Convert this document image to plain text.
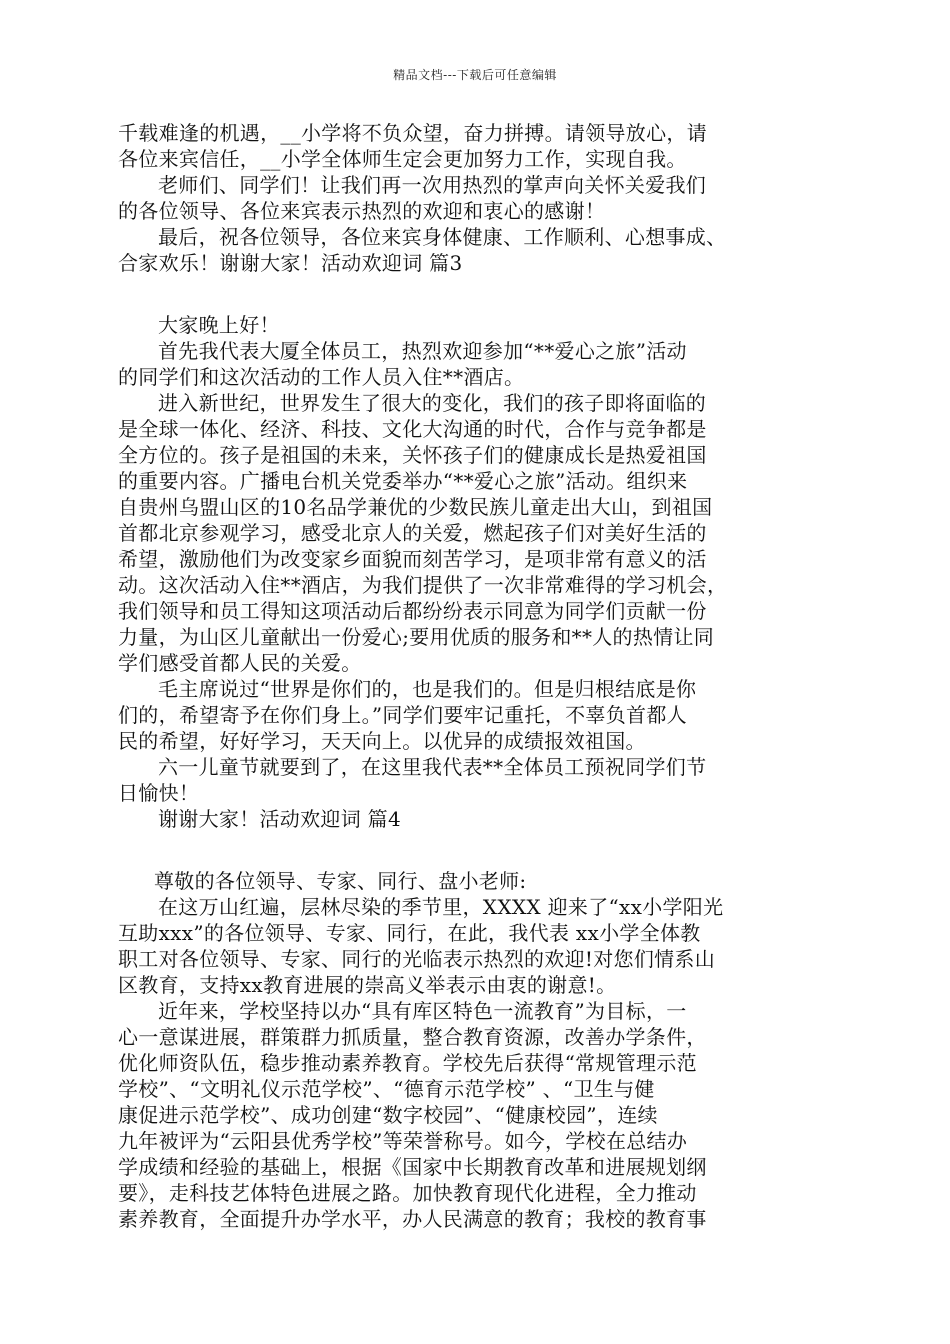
精品文档---下载后可任意编辑
千载难逢的机遇，__小学将不负众望，奋力拼搏。请领导放心，请
各位来宾信任，__小学全体师生定会更加努力工作，实现自我。
老师们、同学们！让我们再一次用热烈的掌声向关怀关爱我们
的各位领导、各位来宾表示热烈的欢迎和衷心的感谢！
最后，祝各位领导，各位来宾身体健康、工作顺利、心想事成、
合家欢乐！谢谢大家！活动欢迎词 篇3
大家晚上好！
首先我代表大厦全体员工，热烈欢迎参加“**爱心之旅”活动
的同学们和这次活动的工作人员入住**酒店。
进入新世纪，世界发生了很大的变化，我们的孩子即将面临的
是全球一体化、经济、科技、文化大沟通的时代，合作与竞争都是
全方位的。孩子是祖国的未来，关怀孩子们的健康成长是热爱祖国
的重要内容。广播电台机关党委举办“**爱心之旅”活动。组织来
自贵州乌盟山区的10名品学兼优的少数民族儿童走出大山，到祖国
首都北京参观学习，感受北京人的关爱，燃起孩子们对美好生活的
希望，激励他们为改变家乡面貌而刻苦学习，是项非常有意义的活
动。这次活动入住**酒店，为我们提供了一次非常难得的学习机会，
我们领导和员工得知这项活动后都纷纷表示同意为同学们贡献一份
力量，为山区儿童献出一份爱心;要用优质的服务和**人的热情让同
学们感受首都人民的关爱。
毛主席说过“世界是你们的，也是我们的。但是归根结底是你
们的，希望寄予在你们身上。”同学们要牢记重托，不辜负首都人
民的希望，好好学习，天天向上。以优异的成绩报效祖国。
六一儿童节就要到了，在这里我代表**全体员工预祝同学们节
日愉快！
谢谢大家！活动欢迎词 篇4
尊敬的各位领导、专家、同行、盘小老师:
在这万山红遍，层林尽染的季节里，XXXX 迎来了“xx小学阳光
互助xxx”的各位领导、专家、同行，在此，我代表 xx小学全体教
职工对各位领导、专家、同行的光临表示热烈的欢迎!对您们情系山
区教育，支持xx教育进展的崇高义举表示由衷的谢意!。
近年来，学校坚持以办“具有库区特色一流教育”为目标，一
心一意谋进展，群策群力抓质量，整合教育资源，改善办学条件，
优化师资队伍，稳步推动素养教育。学校先后获得“常规管理示范
学校”、“文明礼仪示范学校”、“德育示范学校” 、“卫生与健
康促进示范学校”、成功创建“数字校园”、“健康校园”，连续
九年被评为“云阳县优秀学校”等荣誉称号。如今，学校在总结办
学成绩和经验的基础上，根据《国家中长期教育改革和进展规划纲
要》，走科技艺体特色进展之路。加快教育现代化进程，全力推动
素养教育，全面提升办学水平，办人民满意的教育；我校的教育事
